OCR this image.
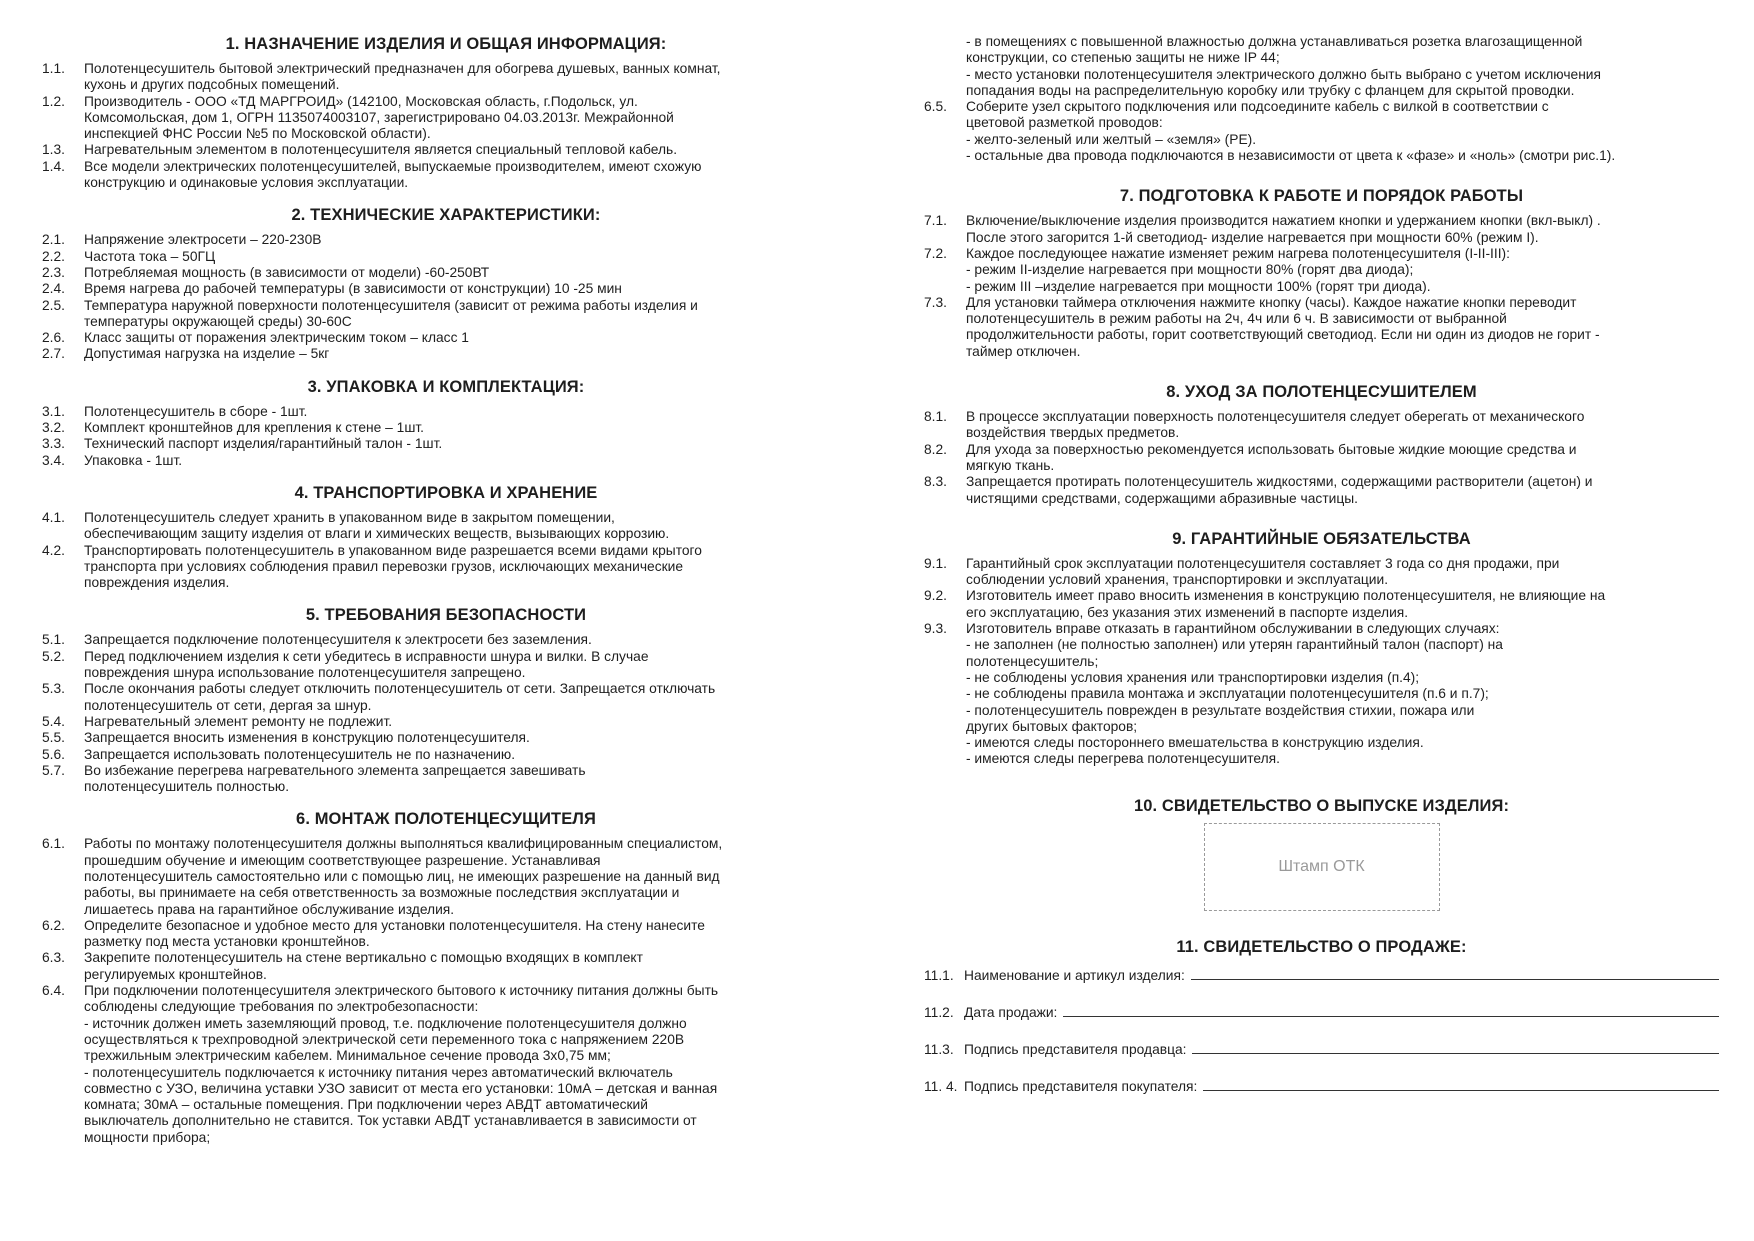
1. НАЗНАЧЕНИЕ ИЗДЕЛИЯ И ОБЩАЯ ИНФОРМАЦИЯ:
1.1.	Полотенцесушитель бытовой электрический предназначен для обогрева душевых, ванных комнат,
кухонь и других подсобных помещений.
1.2.	Производитель - ООО «ТД МАРГРОИД» (142100, Московская область, г.Подольск, ул.
Комсомольская, дом 1, ОГРН 1135074003107, зарегистрировано 04.03.2013г. Межрайонной
инспекцией ФНС России №5 по Московской области).
1.3.	Нагревательным элементом в полотенцесушителя является специальный тепловой кабель.
1.4.	Все модели электрических полотенцесушителей, выпускаемые производителем, имеют схожую
конструкцию и одинаковые условия эксплуатации.
2. ТЕХНИЧЕСКИЕ ХАРАКТЕРИСТИКИ:
2.1.	Напряжение электросети – 220-230В
2.2.	Частота тока – 50ГЦ
2.3.	Потребляемая мощность (в зависимости от модели) -60-250ВТ
2.4.	Время нагрева до рабочей температуры (в зависимости от конструкции) 10 -25 мин
2.5.	Температура наружной поверхности полотенцесушителя (зависит от режима работы изделия и
температуры окружающей среды) 30-60С
2.6.	Класс защиты от поражения электрическим током – класс 1
2.7.	Допустимая нагрузка на изделие – 5кг
3. УПАКОВКА И КОМПЛЕКТАЦИЯ:
3.1.	Полотенцесушитель в сборе - 1шт.
3.2.	Комплект кронштейнов для крепления к стене – 1шт.
3.3.	Технический паспорт изделия/гарантийный талон - 1шт.
3.4.	Упаковка - 1шт.
4. ТРАНСПОРТИРОВКА И ХРАНЕНИЕ
4.1.	Полотенцесушитель следует хранить в упакованном виде в закрытом помещении,
обеспечивающим защиту изделия от влаги и химических веществ, вызывающих коррозию.
4.2.	Транспортировать полотенцесушитель в упакованном виде разрешается всеми видами крытого
транспорта при условиях соблюдения правил перевозки грузов, исключающих механические
повреждения изделия.
5. ТРЕБОВАНИЯ БЕЗОПАСНОСТИ
5.1.	Запрещается подключение полотенцесушителя к электросети без заземления.
5.2.	Перед подключением изделия к сети убедитесь в исправности шнура и вилки. В случае
повреждения шнура использование полотенцесушителя запрещено.
5.3.	После окончания работы следует отключить полотенцесушитель от сети. Запрещается отключать
полотенцесушитель от сети, дергая за шнур.
5.4.	Нагревательный элемент ремонту не подлежит.
5.5.	Запрещается вносить изменения в конструкцию полотенцесушителя.
5.6.	Запрещается использовать полотенцесушитель не по назначению.
5.7.	Во избежание перегрева нагревательного элемента запрещается завешивать
полотенцесушитель полностью.
6. МОНТАЖ ПОЛОТЕНЦЕСУЩИТЕЛЯ
6.1.	Работы по монтажу полотенцесушителя должны выполняться квалифицированным специалистом,
прошедшим обучение и имеющим соответствующее разрешение. Устанавливая
полотенцесушитель самостоятельно или с помощью лиц, не имеющих разрешение на данный вид
работы, вы принимаете на себя ответственность за возможные последствия эксплуатации и
лишаетесь права на гарантийное обслуживание изделия.
6.2.	Определите безопасное и удобное место для установки полотенцесушителя. На стену нанесите
разметку под места установки кронштейнов.
6.3.	Закрепите полотенцесушитель на стене вертикально с помощью входящих в комплект
регулируемых кронштейнов.
6.4.	При подключении полотенцесушителя электрического бытового к источнику питания должны быть
соблюдены следующие требования по электробезопасности:
- источник должен иметь заземляющий провод, т.е. подключение полотенцесушителя должно
осуществляться к трехпроводной электрической сети переменного тока с напряжением 220В
трехжильным электрическим кабелем. Минимальное сечение провода 3х0,75 мм;
- полотенцесушитель подключается к источнику питания через автоматический включатель
совместно с УЗО, величина уставки УЗО зависит от места его установки: 10мА – детская и ванная
комната; 30мА – остальные помещения. При подключении через АВДТ автоматический
выключатель дополнительно не ставится. Ток уставки АВДТ устанавливается в зависимости от
мощности прибора;
- в помещениях с повышенной влажностью должна устанавливаться розетка влагозащищенной
конструкции, со степенью защиты не ниже IP 44;
- место установки полотенцесушителя электрического должно быть выбрано с учетом исключения
попадания воды на распределительную коробку или трубку с фланцем для скрытой проводки.
6.5.	Соберите узел скрытого подключения или подсоедините кабель с вилкой в соответствии с
цветовой разметкой проводов:
- желто-зеленый или желтый – «земля» (PE).
- остальные два провода подключаются в независимости от цвета к «фазе» и «ноль» (смотри рис.1).
7. ПОДГОТОВКА К РАБОТЕ И ПОРЯДОК РАБОТЫ
7.1.	Включение/выключение изделия производится нажатием кнопки и удержанием кнопки (вкл-выкл) .
После этого загорится 1-й светодиод- изделие нагревается при мощности 60% (режим I).
7.2.	Каждое последующее нажатие изменяет режим нагрева полотенцесушителя (I-II-III):
- режим II-изделие нагревается при мощности 80% (горят два диода);
- режим III –изделие нагревается при мощности 100% (горят три диода).
7.3.	Для установки таймера отключения нажмите кнопку (часы). Каждое нажатие кнопки переводит
полотенцесушитель в режим работы на 2ч, 4ч или 6 ч. В зависимости от выбранной
продолжительности работы, горит соответствующий светодиод. Если ни один из диодов не горит -
таймер отключен.
8. УХОД ЗА ПОЛОТЕНЦЕСУШИТЕЛЕМ
8.1.	В процессе эксплуатации поверхность полотенцесушителя следует оберегать от механического
воздействия твердых предметов.
8.2.	Для ухода за поверхностью рекомендуется использовать бытовые жидкие моющие средства и
мягкую ткань.
8.3.	Запрещается протирать полотенцесушитель жидкостями, содержащими растворители (ацетон) и
чистящими средствами, содержащими абразивные частицы.
9. ГАРАНТИЙНЫЕ ОБЯЗАТЕЛЬСТВА
9.1.	Гарантийный срок эксплуатации полотенцесушителя составляет 3 года со дня продажи, при
соблюдении условий хранения, транспортировки и эксплуатации.
9.2.	Изготовитель имеет право вносить изменения в конструкцию полотенцесушителя, не влияющие на
его эксплуатацию, без указания этих изменений в паспорте изделия.
9.3.	Изготовитель вправе отказать в гарантийном обслуживании в следующих случаях:
- не заполнен (не полностью заполнен) или утерян гарантийный талон (паспорт) на
полотенцесушитель;
- не соблюдены условия хранения или транспортировки изделия (п.4);
- не соблюдены правила монтажа и эксплуатации полотенцесушителя (п.6 и п.7);
- полотенцесушитель поврежден в результате воздействия стихии, пожара или
других бытовых факторов;
- имеются следы постороннего вмешательства в конструкцию изделия.
- имеются следы перегрева полотенцесушителя.
10. СВИДЕТЕЛЬСТВО О ВЫПУСКЕ ИЗДЕЛИЯ:
Штамп ОТК
11. СВИДЕТЕЛЬСТВО О ПРОДАЖЕ:
11.1. Наименование и артикул изделия:
11.2. Дата продажи:
11.3. Подпись представителя продавца:
11. 4. Подпись представителя покупателя:
